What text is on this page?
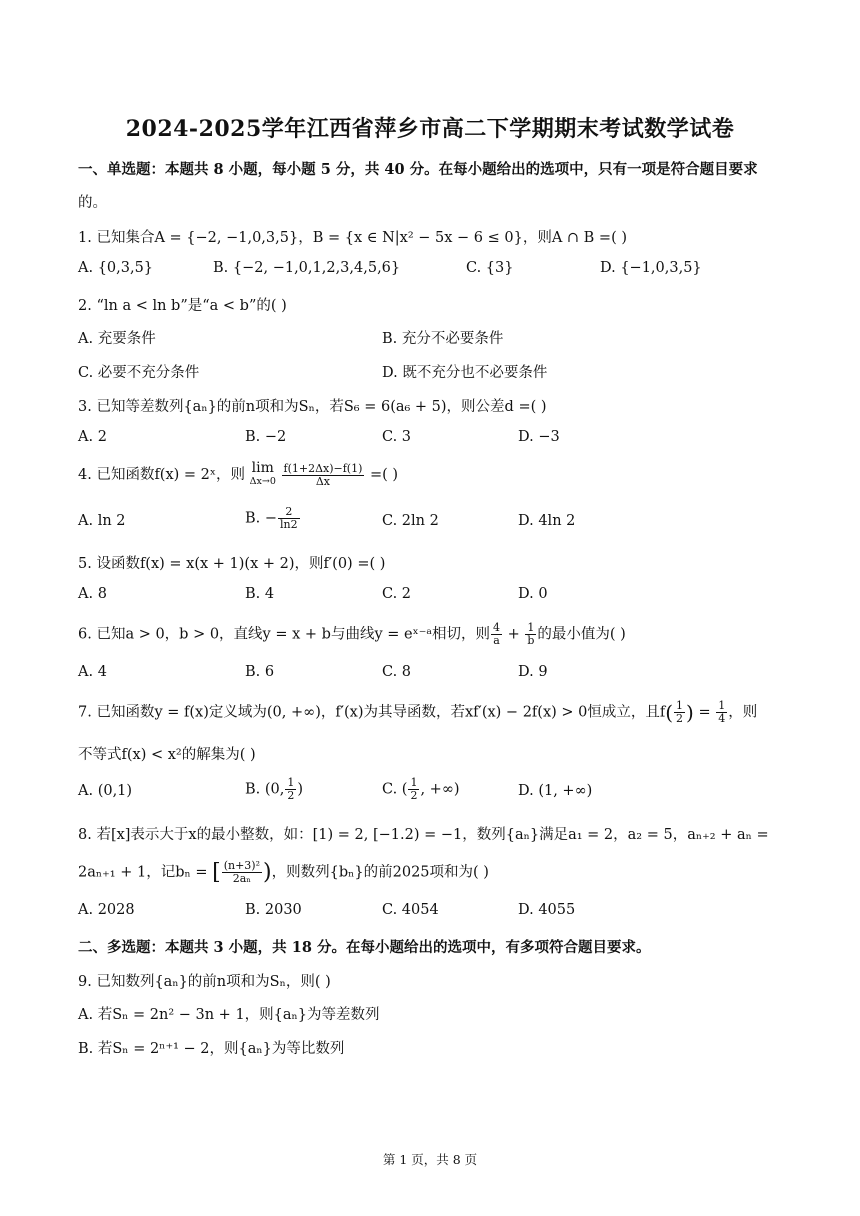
2024-2025学年江西省萍乡市高二下学期期末考试数学试卷
一、单选题：本题共 8 小题，每小题 5 分，共 40 分。在每小题给出的选项中，只有一项是符合题目要求
的。
1. 已知集合A = {−2, −1,0,3,5}，B = {x ∈ N|x² − 5x − 6 ≤ 0}，则A ∩ B =( )
A. {0,3,5}	B. {−2, −1,0,1,2,3,4,5,6}	C. {3}	D. {−1,0,3,5}
2. “ln a < ln b”是“a < b”的( )
A. 充要条件	B. 充分不必要条件
C. 必要不充分条件	D. 既不充分也不必要条件
3. 已知等差数列{aₙ}的前n项和为Sₙ，若S₆ = 6(a₆ + 5)，则公差d =( )
A. 2	B. −2	C. 3	D. −3
4. 已知函数f(x) = 2ˣ，则 lim
Δx→0
$\frac{f(1+2\Delta x)-f(1)}{\Delta x}$ =( )
A. ln 2	B. − $\frac{2}{\ln 2}$	C. 2ln 2	D. 4ln 2
5. 设函数f(x) = x(x + 1)(x + 2)，则f′(0) =( )
A. 8	B. 4	C. 2	D. 0
6. 已知a > 0，b > 0，直线y = x + b与曲线y = eˣ⁻ᵃ相切，则 $\frac{4}{a} + \frac{1}{b}$ 的最小值为( )
A. 4	B. 6	C. 8	D. 9
7. 已知函数y = f(x)定义域为(0, +∞)，f′(x)为其导函数，若xf′(x) − 2f(x) > 0恒成立，且$f( \frac{1}{2}$ ) = $\frac{1}{4}$ ，则
不等式f(x) < x²的解集为( )
A. (0,1)	B. (0, $\frac{1}{2}$ )	C. ( $\frac{1}{2}$ , +∞)	D. (1, +∞)
8. 若[x]表示大于x的最小整数，如：[1) = 2, [−1.2) = −1，数列{aₙ}满足a₁ = 2，a₂ = 5，aₙ₊₂ + aₙ =
2aₙ₊₁ + 1，记bₙ = [ $\frac{\text{(n+3)²}}{\text{2aₙ}}$ )，则数列{bₙ}的前2025项和为( )
A. 2028	B. 2030	C. 4054	D. 4055
二、多选题：本题共 3 小题，共 18 分。在每小题给出的选项中，有多项符合题目要求。
9. 已知数列{aₙ}的前n项和为Sₙ，则( )
A. 若Sₙ = 2n² − 3n + 1，则{aₙ}为等差数列
B. 若Sₙ = 2ⁿ⁺¹ − 2，则{aₙ}为等比数列
第 1 页，共 8 页
